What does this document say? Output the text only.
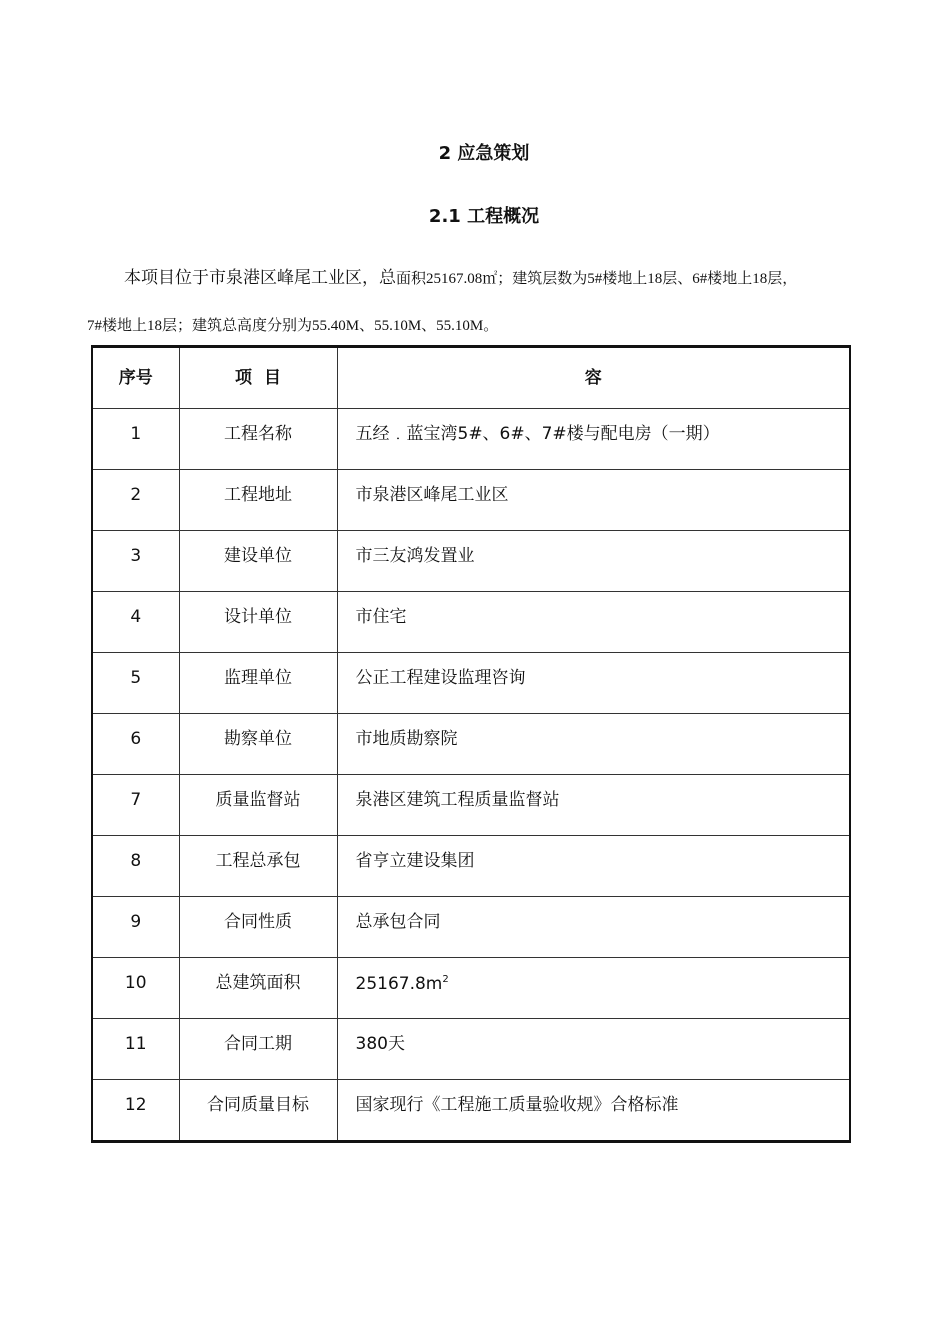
2 应急策划
2.1 工程概况
本项目位于市泉港区峰尾工业区，总面积25167.08㎡；建筑层数为5#楼地上18层、6#楼地上18层，
7#楼地上18层；建筑总高度分别为55.40M、55.10M、55.10M。
序号	项 目	容

1	工程名称	五经﹒蓝宝湾5#、6#、7#楼与配电房（一期）

2	工程地址	市泉港区峰尾工业区

3	建设单位	市三友鸿发置业

4	设计单位	市住宅

5	监理单位	公正工程建设监理咨询

6	勘察单位	市地质勘察院

7	质量监督站	泉港区建筑工程质量监督站

8	工程总承包	省亨立建设集团

9	合同性质	总承包合同

10	总建筑面积	$25167.8m^2$

11	合同工期	380天

12	合同质量目标	国家现行《工程施工质量验收规》合格标准
